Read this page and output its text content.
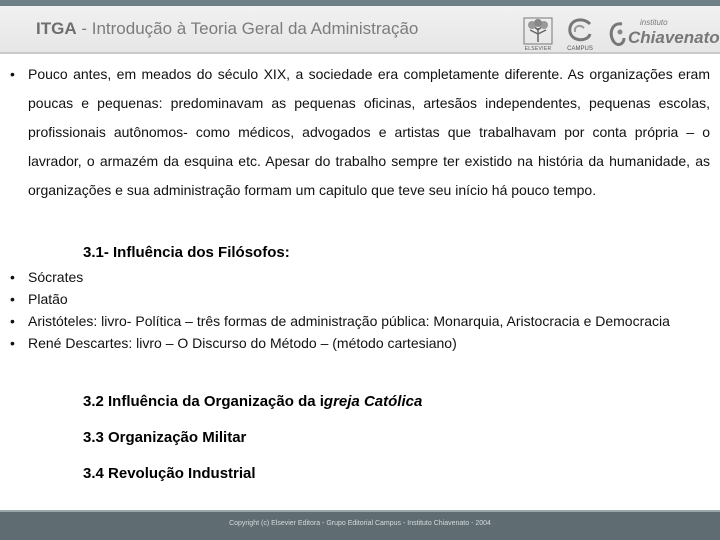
ITGA - Introdução à Teoria Geral da Administração
ELSEVIER	CAMPUS
instituto
Chiavenato
• Pouco antes, em meados do século XIX, a sociedade era completamente diferente. As organizações eram poucas e pequenas: predominavam as pequenas oficinas, artesãos independentes, pequenas escolas, profissionais autônomos- como médicos, advogados e artistas que trabalhavam por conta própria – o lavrador, o armazém da esquina etc. Apesar do trabalho sempre ter existido na história da humanidade, as organizações e sua administração formam um capitulo que teve seu início há pouco tempo.
3.1- Influência dos Filósofos:
• Sócrates
• Platão
• Aristóteles: livro- Política – três formas de administração pública: Monarquia, Aristocracia e Democracia
• René Descartes: livro – O Discurso do Método – (método cartesiano)
3.2 Influência da Organização da igreja Católica
3.3 Organização Militar
3.4 Revolução Industrial
Copyright (c) Elsevier Editora - Grupo Editorial Campus - Instituto Chiavenato - 2004
